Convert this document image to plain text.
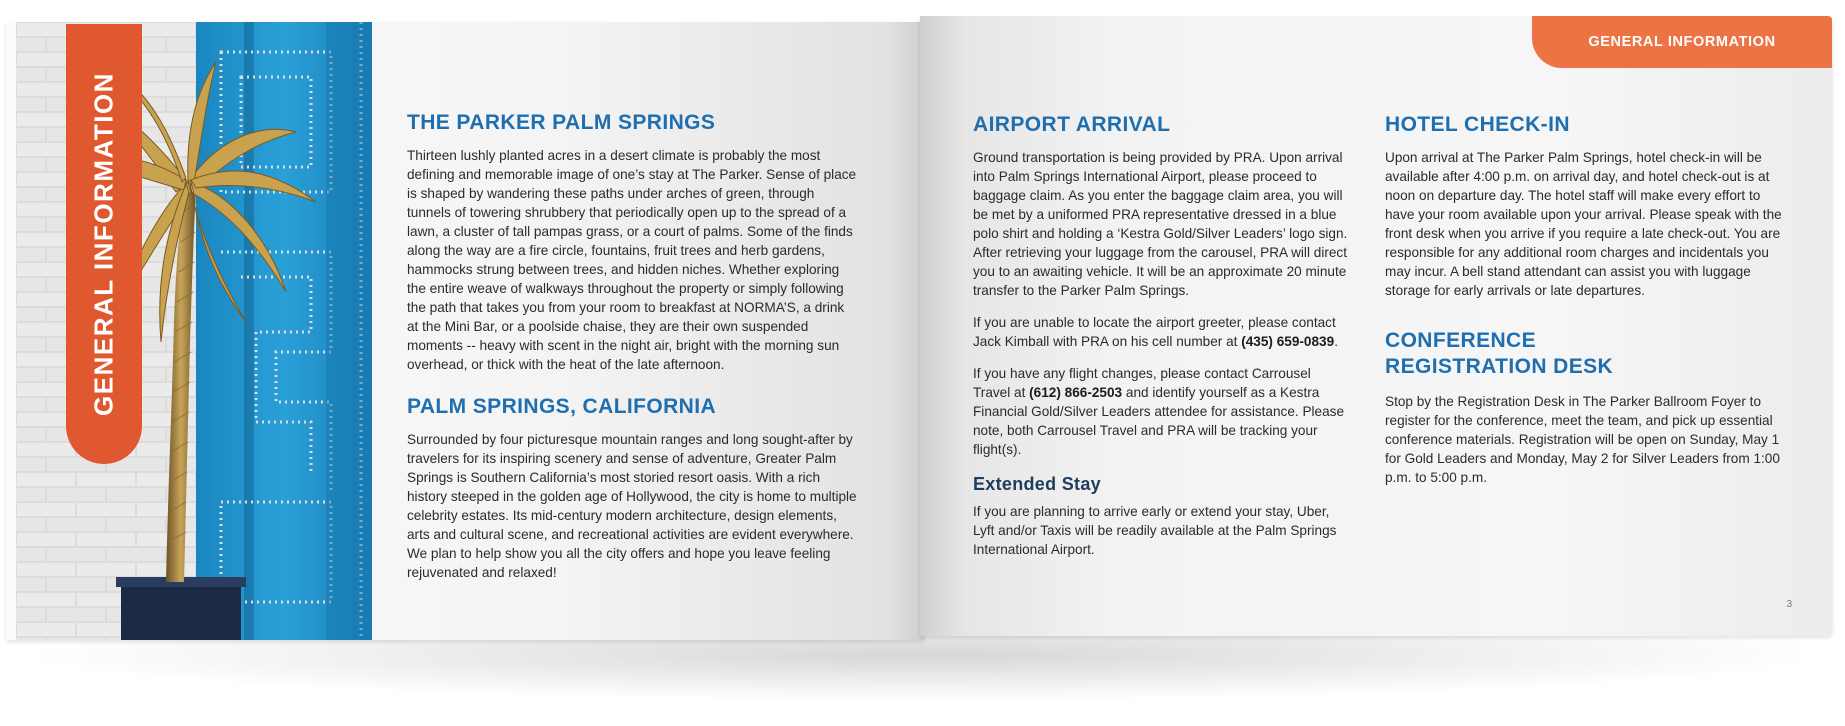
GENERAL INFORMATION	THE PARKER PALM SPRINGS

Thirteen lushly planted acres in a desert climate is probably the most defining and memorable image of one’s stay at The Parker. Sense of place is shaped by wandering these paths under arches of green, through tunnels of towering shrubbery that periodically open up to the spread of a lawn, a cluster of tall pampas grass, or a court of palms. Some of the finds along the way are a fire circle, fountains, fruit trees and herb gardens, hammocks strung between trees, and hidden niches. Whether exploring the entire weave of walkways throughout the property or simply following the path that takes you from your room to breakfast at NORMA’S, a drink at the Mini Bar, or a poolside chaise, they are their own suspended moments -- heavy with scent in the night air, bright with the morning sun overhead, or thick with the heat of the late afternoon.

PALM SPRINGS, CALIFORNIA

Surrounded by four picturesque mountain ranges and long sought-after by travelers for its inspiring scenery and sense of adventure, Greater Palm Springs is Southern California’s most storied resort oasis. With a rich history steeped in the golden age of Hollywood, the city is home to multiple celebrity estates. Its mid-century modern architecture, design elements, arts and cultural scene, and recreational activities are evident everywhere. We plan to help show you all the city offers and hope you leave feeling rejuvenated and relaxed!

GENERAL INFORMATION
AIRPORT ARRIVAL

Ground transportation is being provided by PRA. Upon arrival into Palm Springs International Airport, please proceed to baggage claim. As you enter the baggage claim area, you will be met by a uniformed PRA representative dressed in a blue polo shirt and holding a ‘Kestra Gold/Silver Leaders’ logo sign. After retrieving your luggage from the carousel, PRA will direct you to an awaiting vehicle. It will be an approximate 20 minute transfer to the Parker Palm Springs.

If you are unable to locate the airport greeter, please contact Jack Kimball with PRA on his cell number at (435) 659-0839.

If you have any flight changes, please contact Carrousel Travel at (612) 866-2503 and identify yourself as a Kestra Financial Gold/Silver Leaders attendee for assistance. Please note, both Carrousel Travel and PRA will be tracking your flight(s).

Extended Stay

If you are planning to arrive early or extend your stay, Uber, Lyft and/or Taxis will be readily available at the Palm Springs International Airport.

HOTEL CHECK-IN

Upon arrival at The Parker Palm Springs, hotel check-in will be available after 4:00 p.m. on arrival day, and hotel check-out is at noon on departure day. The hotel staff will make every effort to have your room available upon your arrival. Please speak with the front desk when you arrive if you require a late check-out. You are responsible for any additional room charges and incidentals you may incur. A bell stand attendant can assist you with luggage storage for early arrivals or late departures.

CONFERENCE
REGISTRATION DESK

Stop by the Registration Desk in The Parker Ballroom Foyer to register for the conference, meet the team, and pick up essential conference materials. Registration will be open on Sunday, May 1 for Gold Leaders and Monday, May 2 for Silver Leaders from 1:00 p.m. to 5:00 p.m.

3
